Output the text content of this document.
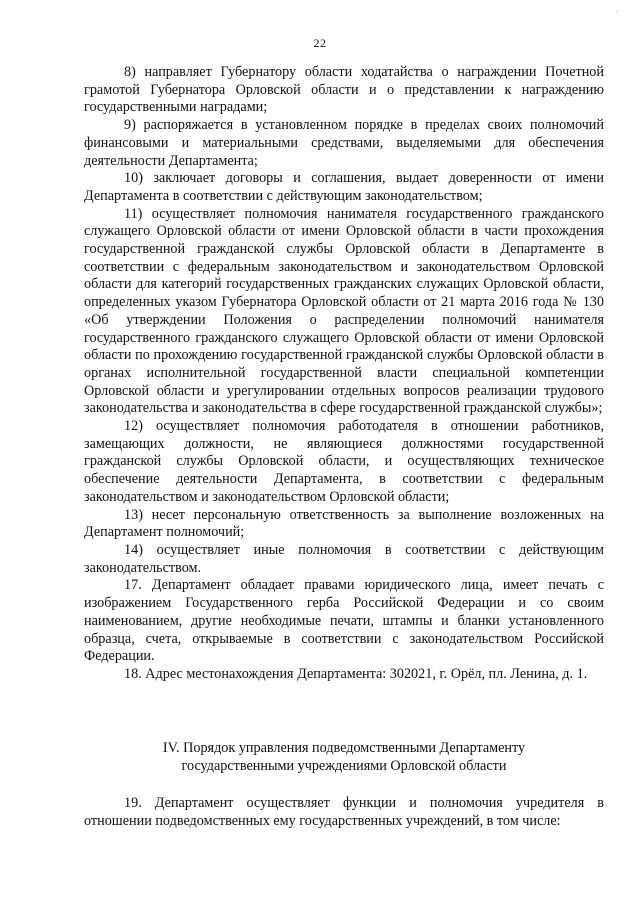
·
22

8) направляет Губернатору области ходатайства о награждении Почетной грамотой Губернатора Орловской области и о представлении к награждению государственными наградами;

9) распоряжается в установленном порядке в пределах своих полномочий финансовыми и материальными средствами, выделяемыми для обеспечения деятельности Департамента;

10) заключает договоры и соглашения, выдает доверенности от имени Департамента в соответствии с действующим законодательством;

11) осуществляет полномочия нанимателя государственного гражданского служащего Орловской области от имени Орловской области в части прохождения государственной гражданской службы Орловской области в Департаменте в соответствии с федеральным законодательством и законодательством Орловской области для категорий государственных гражданских служащих Орловской области, определенных указом Губернатора Орловской области от 21 марта 2016 года № 130 «Об утверждении Положения о распределении полномочий нанимателя государственного гражданского служащего Орловской области от имени Орловской области по прохождению государственной гражданской службы Орловской области в органах исполнительной государственной власти специальной компетенции Орловской области и урегулировании отдельных вопросов реализации трудового законодательства и законодательства в сфере государственной гражданской службы»;

12) осуществляет полномочия работодателя в отношении работников, замещающих должности, не являющиеся должностями государственной гражданской службы Орловской области, и осуществляющих техническое обеспечение деятельности Департамента, в соответствии с федеральным законодательством и законодательством Орловской области;

13) несет персональную ответственность за выполнение возложенных на Департамент полномочий;

14) осуществляет иные полномочия в соответствии с действующим законодательством.

17. Департамент обладает правами юридического лица, имеет печать с изображением Государственного герба Российской Федерации и со своим наименованием, другие необходимые печати, штампы и бланки установленного образца, счета, открываемые в соответствии с законодательством Российской Федерации.

18. Адрес местонахождения Департамента: 302021, г. Орёл, пл. Ленина, д. 1.

IV. Порядок управления подведомственными Департаменту

государственными учреждениями Орловской области

19. Департамент осуществляет функции и полномочия учредителя в отношении подведомственных ему государственных учреждений, в том числе:
